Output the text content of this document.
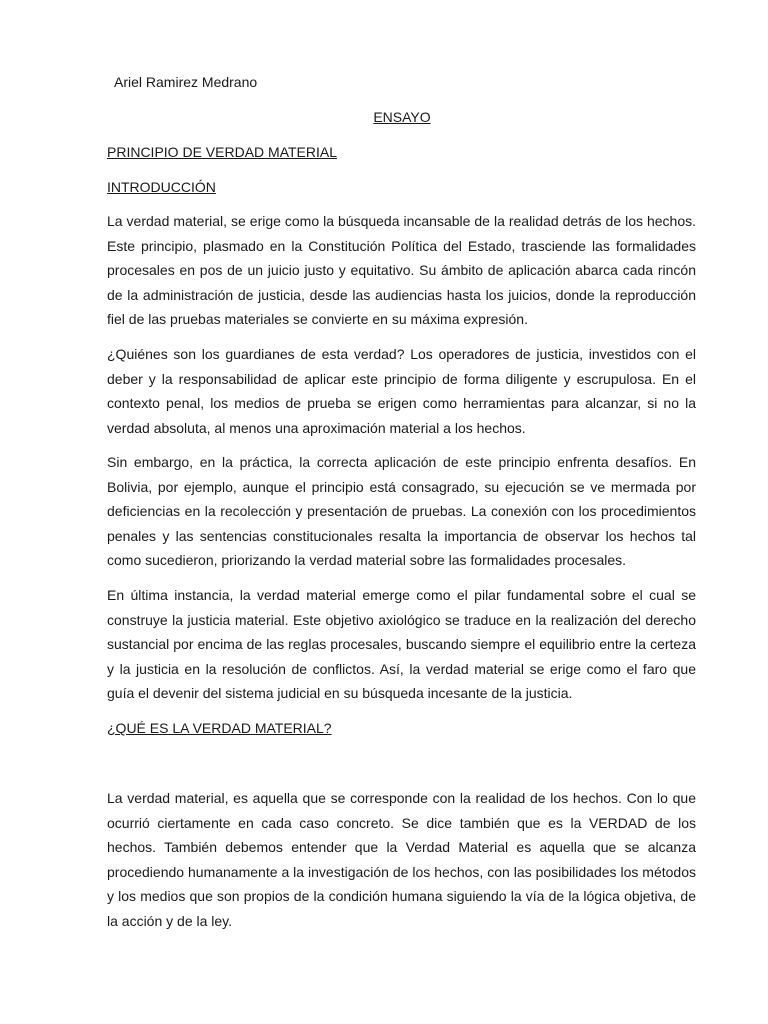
Ariel Ramirez Medrano
ENSAYO
PRINCIPIO DE VERDAD MATERIAL
INTRODUCCIÓN

La verdad material, se erige como la búsqueda incansable de la realidad detrás de los hechos. Este principio, plasmado en la Constitución Política del Estado, trasciende las formalidades procesales en pos de un juicio justo y equitativo. Su ámbito de aplicación abarca cada rincón de la administración de justicia, desde las audiencias hasta los juicios, donde la reproducción fiel de las pruebas materiales se convierte en su máxima expresión.

¿Quiénes son los guardianes de esta verdad? Los operadores de justicia, investidos con el deber y la responsabilidad de aplicar este principio de forma diligente y escrupulosa. En el contexto penal, los medios de prueba se erigen como herramientas para alcanzar, si no la verdad absoluta, al menos una aproximación material a los hechos.

Sin embargo, en la práctica, la correcta aplicación de este principio enfrenta desafíos. En Bolivia, por ejemplo, aunque el principio está consagrado, su ejecución se ve mermada por deficiencias en la recolección y presentación de pruebas. La conexión con los procedimientos penales y las sentencias constitucionales resalta la importancia de observar los hechos tal como sucedieron, priorizando la verdad material sobre las formalidades procesales.

En última instancia, la verdad material emerge como el pilar fundamental sobre el cual se construye la justicia material. Este objetivo axiológico se traduce en la realización del derecho sustancial por encima de las reglas procesales, buscando siempre el equilibrio entre la certeza y la justicia en la resolución de conflictos. Así, la verdad material se erige como el faro que guía el devenir del sistema judicial en su búsqueda incesante de la justicia.

¿QUÉ ES LA VERDAD MATERIAL?

La verdad material, es aquella que se corresponde con la realidad de los hechos. Con lo que ocurrió ciertamente en cada caso concreto. Se dice también que es la VERDAD de los hechos. También debemos entender que la Verdad Material es aquella que se alcanza procediendo humanamente a la investigación de los hechos, con las posibilidades los métodos y los medios que son propios de la condición humana siguiendo la vía de la lógica objetiva, de la acción y de la ley.
